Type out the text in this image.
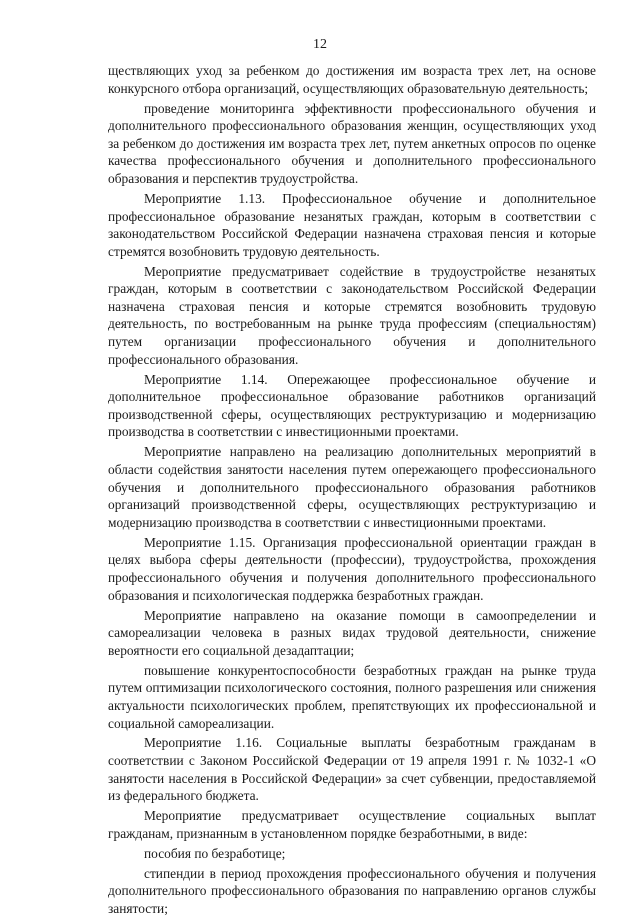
12

ществляющих уход за ребенком до достижения им возраста трех лет, на основе конкурсного отбора организаций, осуществляющих образовательную деятельность;

проведение мониторинга эффективности профессионального обучения и дополнительного профессионального образования женщин, осуществляющих уход за ребенком до достижения им возраста трех лет, путем анкетных опросов по оценке качества профессионального обучения и дополнительного профессионального образования и перспектив трудоустройства.

Мероприятие 1.13. Профессиональное обучение и дополнительное профессиональное образование незанятых граждан, которым в соответствии с законодательством Российской Федерации назначена страховая пенсия и которые стремятся возобновить трудовую деятельность.

Мероприятие предусматривает содействие в трудоустройстве незанятых граждан, которым в соответствии с законодательством Российской Федерации назначена страховая пенсия и которые стремятся возобновить трудовую деятельность, по востребованным на рынке труда профессиям (специальностям) путем организации профессионального обучения и дополнительного профессионального образования.

Мероприятие 1.14. Опережающее профессиональное обучение и дополнительное профессиональное образование работников организаций производственной сферы, осуществляющих реструктуризацию и модернизацию производства в соответствии с инвестиционными проектами.

Мероприятие направлено на реализацию дополнительных мероприятий в области содействия занятости населения путем опережающего профессионального обучения и дополнительного профессионального образования работников организаций производственной сферы, осуществляющих реструктуризацию и модернизацию производства в соответствии с инвестиционными проектами.

Мероприятие 1.15. Организация профессиональной ориентации граждан в целях выбора сферы деятельности (профессии), трудоустройства, прохождения профессионального обучения и получения дополнительного профессионального образования и психологическая поддержка безработных граждан.

Мероприятие направлено на оказание помощи в самоопределении и самореализации человека в разных видах трудовой деятельности, снижение вероятности его социальной дезадаптации;

повышение конкурентоспособности безработных граждан на рынке труда путем оптимизации психологического состояния, полного разрешения или снижения актуальности психологических проблем, препятствующих их профессиональной и социальной самореализации.

Мероприятие 1.16. Социальные выплаты безработным гражданам в соответствии с Законом Российской Федерации от 19 апреля 1991 г. № 1032-1 «О занятости населения в Российской Федерации» за счет субвенции, предоставляемой из федерального бюджета.

Мероприятие предусматривает осуществление социальных выплат гражданам, признанным в установленном порядке безработными, в виде:

пособия по безработице;

стипендии в период прохождения профессионального обучения и получения дополнительного профессионального образования по направлению органов службы занятости;
